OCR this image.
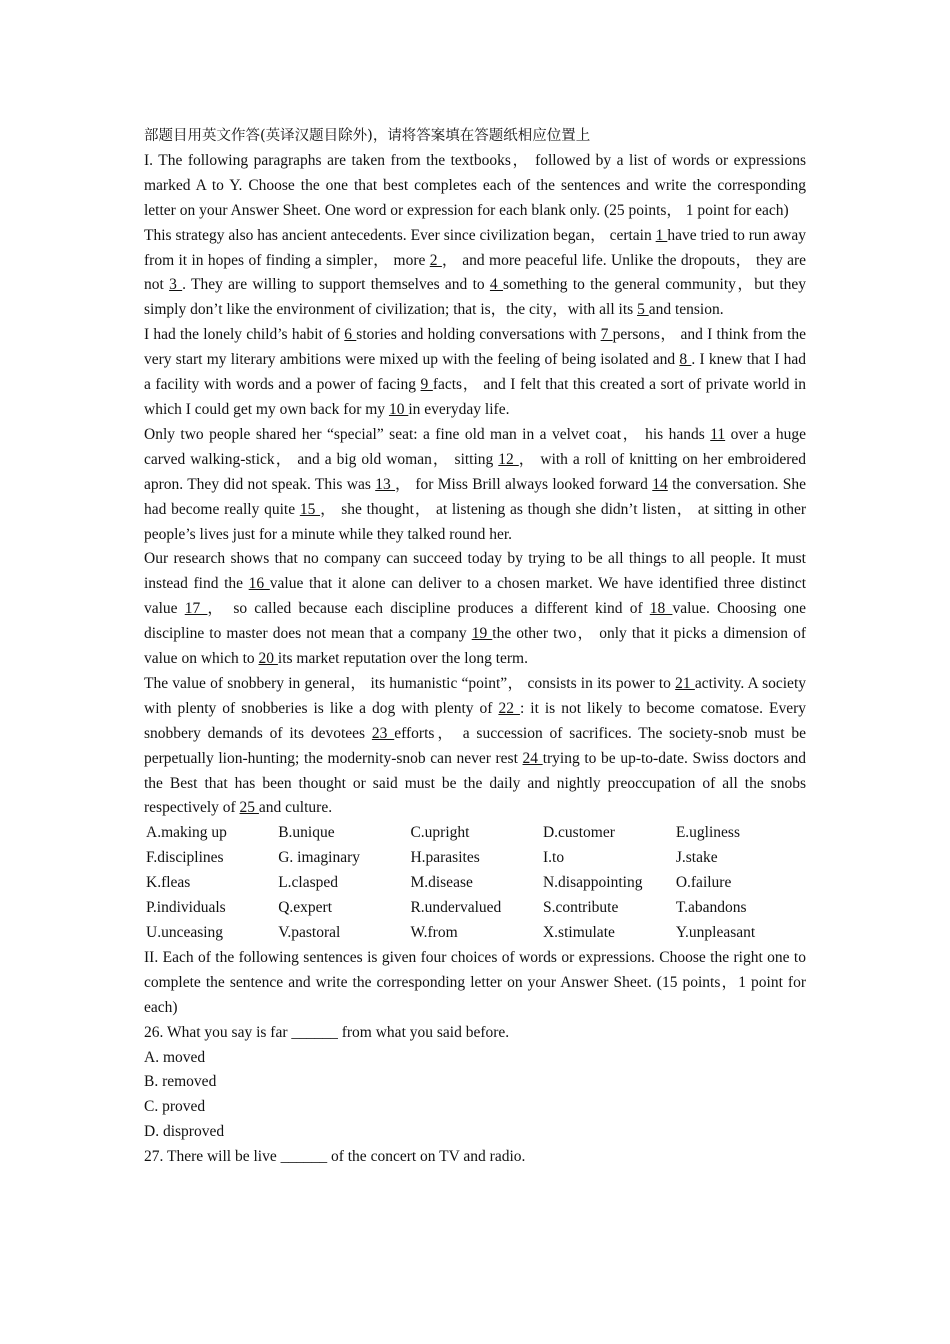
部题目用英文作答(英译汉题目除外)，请将答案填在答题纸相应位置上

I. The following paragraphs are taken from the textbooks， followed by a list of words or expressions marked A to Y. Choose the one that best completes each of the sentences and write the corresponding letter on your Answer Sheet. One word or expression for each blank only. (25 points， 1 point for each)

This strategy also has ancient antecedents. Ever since civilization began， certain 1 have tried to run away from it in hopes of finding a simpler， more 2 ， and more peaceful life. Unlike the dropouts， they are not 3 . They are willing to support themselves and to 4 something to the general community，but they simply don’t like the environment of civilization; that is，the city，with all its 5 and tension.

I had the lonely child’s habit of 6 stories and holding conversations with 7 persons， and I think from the very start my literary ambitions were mixed up with the feeling of being isolated and 8 . I knew that I had a facility with words and a power of facing 9 facts， and I felt that this created a sort of private world in which I could get my own back for my 10 in everyday life.

Only two people shared her “special” seat: a fine old man in a velvet coat， his hands 11 over a huge carved walking-stick， and a big old woman， sitting 12 ， with a roll of knitting on her embroidered apron. They did not speak. This was 13 ， for Miss Brill always looked forward 14 the conversation. She had become really quite 15 ， she thought， at listening as though she didn’t listen， at sitting in other people’s lives just for a minute while they talked round her.

Our research shows that no company can succeed today by trying to be all things to all people. It must instead find the 16 value that it alone can deliver to a chosen market. We have identified three distinct value 17 ， so called because each discipline produces a different kind of 18 value. Choosing one discipline to master does not mean that a company 19 the other two， only that it picks a dimension of value on which to 20 its market reputation over the long term.

The value of snobbery in general， its humanistic “point”， consists in its power to 21 activity. A society with plenty of snobberies is like a dog with plenty of 22 : it is not likely to become comatose. Every snobbery demands of its devotees 23 efforts， a succession of sacrifices. The society-snob must be perpetually lion-hunting; the modernity-snob can never rest 24 trying to be up-to-date. Swiss doctors and the Best that has been thought or said must be the daily and nightly preoccupation of all the snobs respectively of 25 and culture.

A.making up	B.unique	C.upright	D.customer	E.ugliness
F.disciplines	G. imaginary	H.parasites	I.to	J.stake
K.fleas	L.clasped	M.disease	N.disappointing	O.failure
P.individuals	Q.expert	R.undervalued	S.contribute	T.abandons
U.unceasing	V.pastoral	W.from	X.stimulate	Y.unpleasant

II. Each of the following sentences is given four choices of words or expressions. Choose the right one to complete the sentence and write the corresponding letter on your Answer Sheet. (15 points，1 point for each)

26. What you say is far ______ from what you said before.

A. moved

B. removed

C. proved

D. disproved

27. There will be live ______ of the concert on TV and radio.
